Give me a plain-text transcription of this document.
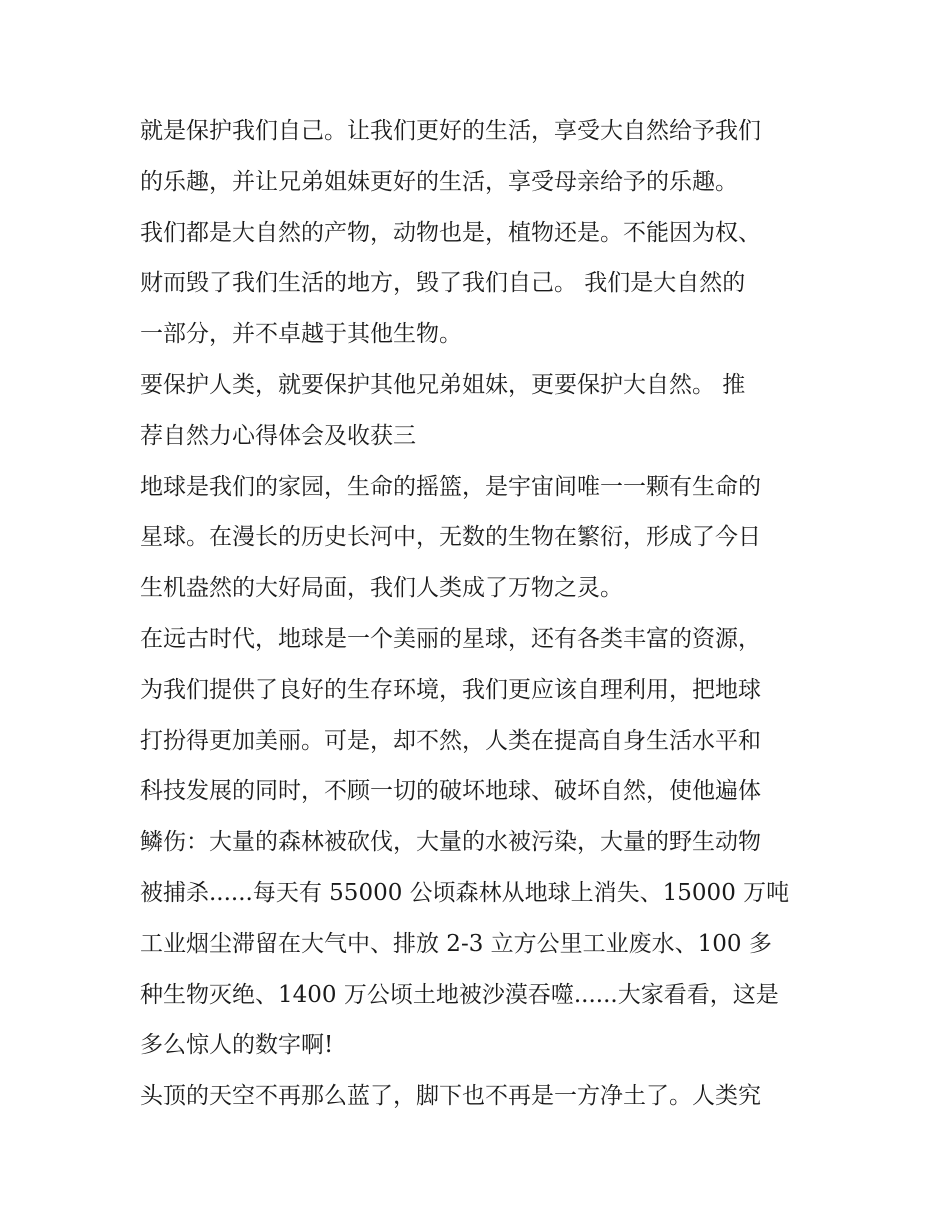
就是保护我们自己。让我们更好的生活，享受大自然给予我们
的乐趣，并让兄弟姐妹更好的生活，享受母亲给予的乐趣。
我们都是大自然的产物，动物也是，植物还是。不能因为权、
财而毁了我们生活的地方，毁了我们自己。 我们是大自然的
一部分，并不卓越于其他生物。
要保护人类，就要保护其他兄弟姐妹，更要保护大自然。 推
荐自然力心得体会及收获三
地球是我们的家园，生命的摇篮，是宇宙间唯一一颗有生命的
星球。在漫长的历史长河中，无数的生物在繁衍，形成了今日
生机盎然的大好局面，我们人类成了万物之灵。
在远古时代，地球是一个美丽的星球，还有各类丰富的资源，
为我们提供了良好的生存环境，我们更应该自理利用，把地球
打扮得更加美丽。可是，却不然，人类在提高自身生活水平和
科技发展的同时，不顾一切的破坏地球、破坏自然，使他遍体
鳞伤：大量的森林被砍伐，大量的水被污染，大量的野生动物
被捕杀......每天有 55000 公顷森林从地球上消失、15000 万吨
工业烟尘滞留在大气中、排放 2-3 立方公里工业废水、100 多
种生物灭绝、1400 万公顷土地被沙漠吞噬......大家看看，这是
多么惊人的数字啊!
头顶的天空不再那么蓝了，脚下也不再是一方净土了。人类究
